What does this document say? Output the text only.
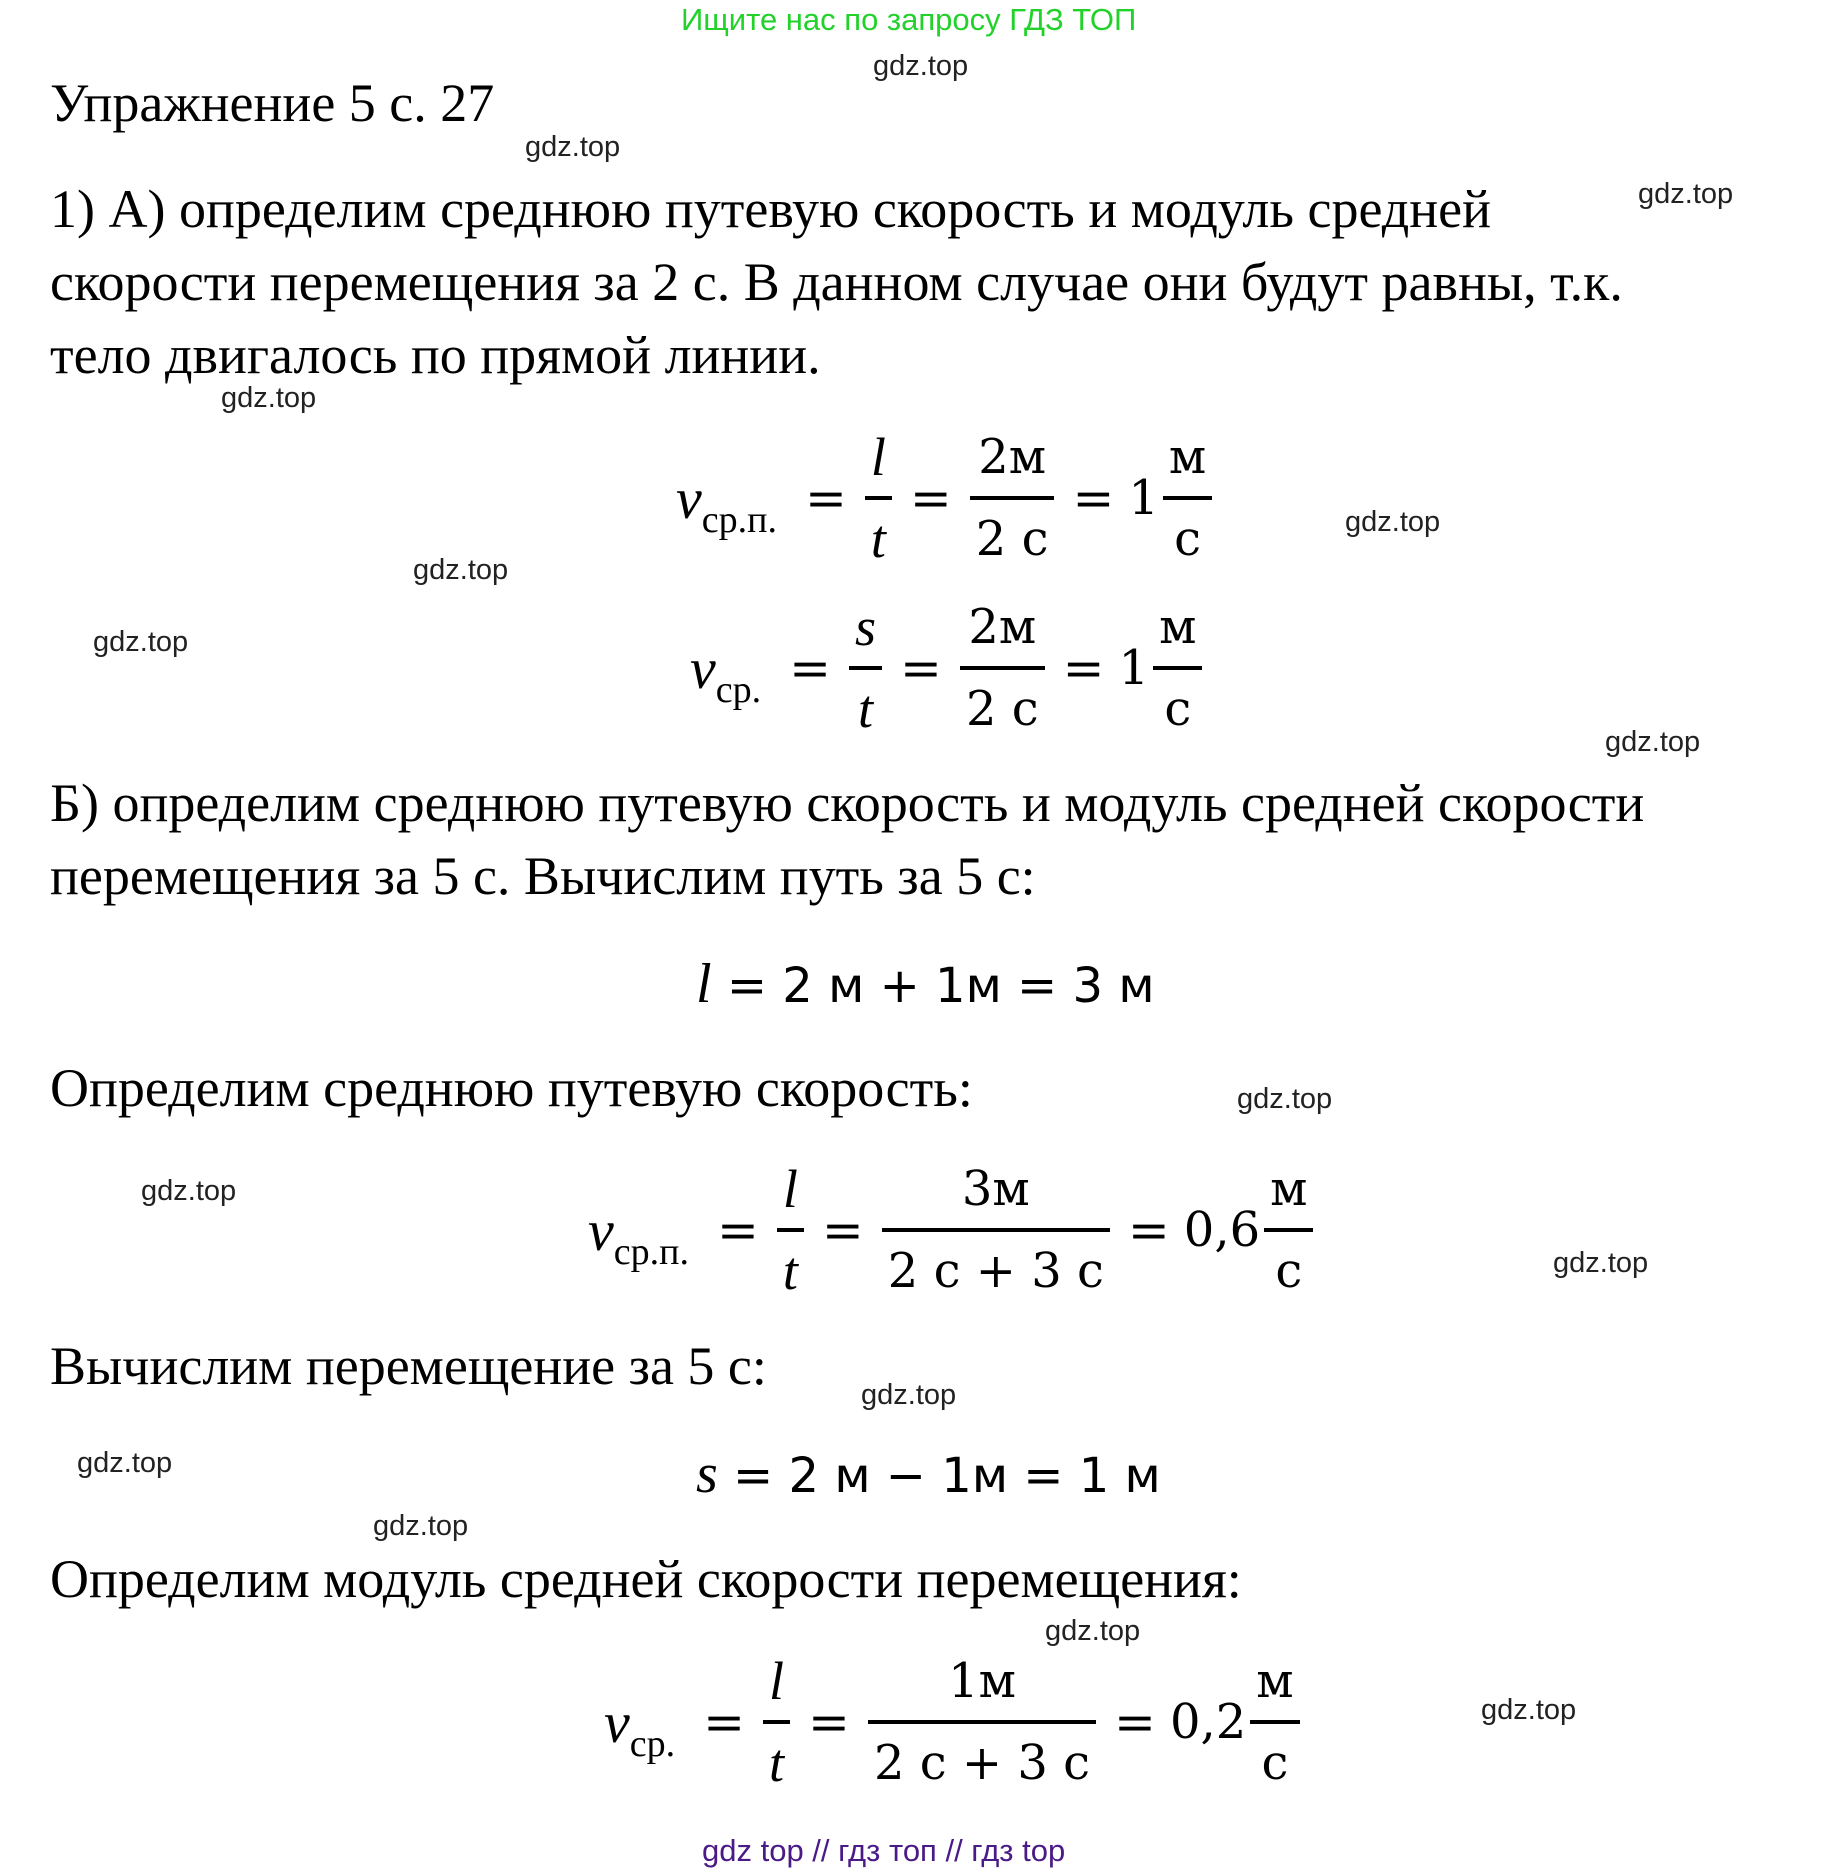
Ищите нас по запросу ГДЗ ТОП
Упражнение 5 с. 27
1) А) определим среднюю путевую скорость и модуль средней
скорости перемещения за 2 с. В данном случае они будут равны, т.к.
тело двигалось по прямой линии.
v ср.п. = $\frac{l}{t} = \frac{2м}{2 с} = 1 \frac{м}{с}$
v ср. = $\frac{s}{t} = \frac{2м}{2 с} = 1 \frac{м}{с}$
Б) определим среднюю путевую скорость и модуль средней скорости
перемещения за 5 с. Вычислим путь за 5 с:
l = 2 м + 1м = 3 м
Определим среднюю путевую скорость:
v ср.п. = $\frac{l}{t} = \frac{3м}{2 с + 3 с} = 0,6 \frac{м}{с}$
Вычислим перемещение за 5 с:
s = 2 м − 1м = 1 м
Определим модуль средней скорости перемещения:
v ср. = $\frac{l}{t} = \frac{1м}{2 с + 3 с} = 0,2 \frac{м}{с}$
gdz.top
gdz.top
gdz.top
gdz.top
gdz.top
gdz.top
gdz.top
gdz.top
gdz.top
gdz.top
gdz.top
gdz.top
gdz.top
gdz.top
gdz.top
gdz.top
gdz top // гдз топ // гдз top
